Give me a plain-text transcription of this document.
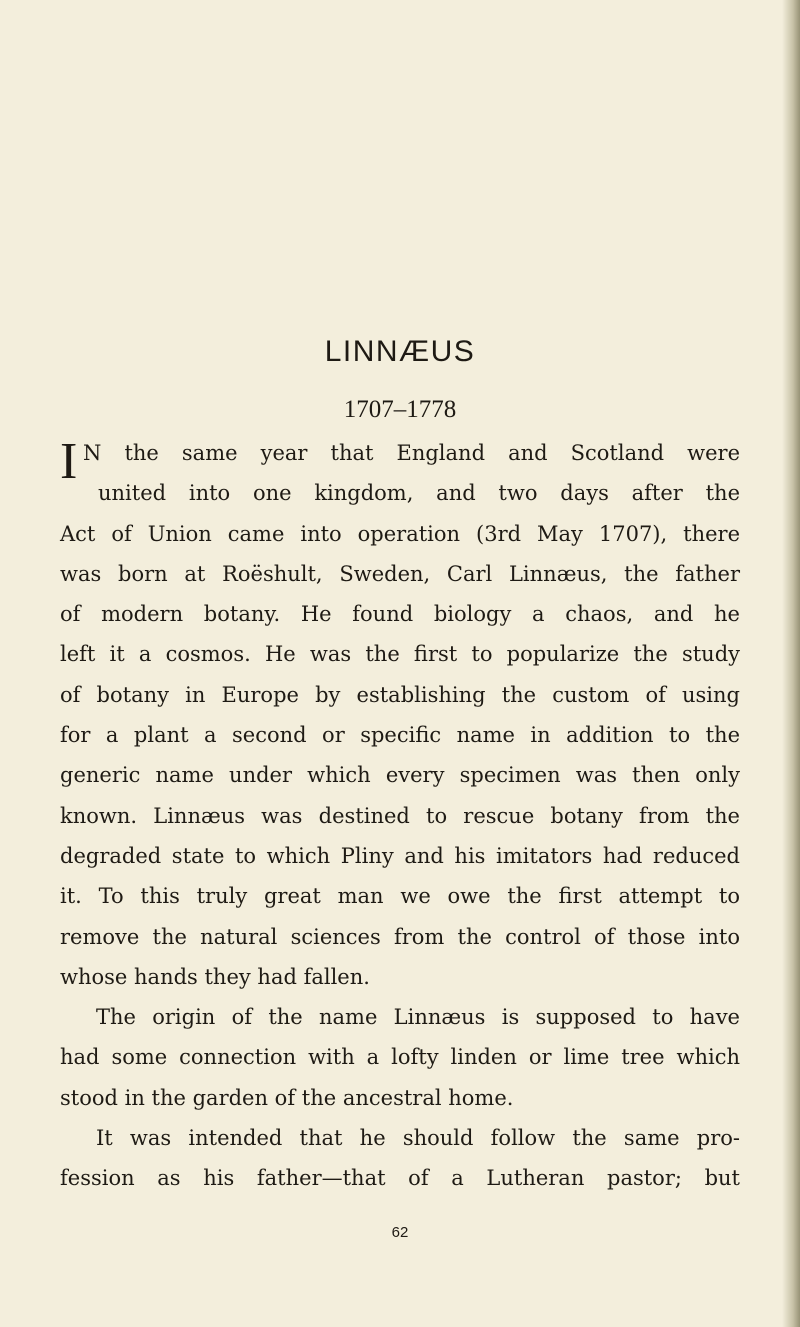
LINNÆUS

1707–1778

I N the same year that England and Scotland were
united into one kingdom, and two days after the
Act of Union came into operation (3rd May 1707), there
was born at Roëshult, Sweden, Carl Linnæus, the father
of modern botany. He found biology a chaos, and he
left it a cosmos. He was the first to popularize the study
of botany in Europe by establishing the custom of using
for a plant a second or specific name in addition to the
generic name under which every specimen was then only
known. Linnæus was destined to rescue botany from the
degraded state to which Pliny and his imitators had reduced
it. To this truly great man we owe the first attempt to
remove the natural sciences from the control of those into
whose hands they had fallen.
The origin of the name Linnæus is supposed to have
had some connection with a lofty linden or lime tree which
stood in the garden of the ancestral home.
It was intended that he should follow the same pro-
fession as his father—that of a Lutheran pastor; but

62
